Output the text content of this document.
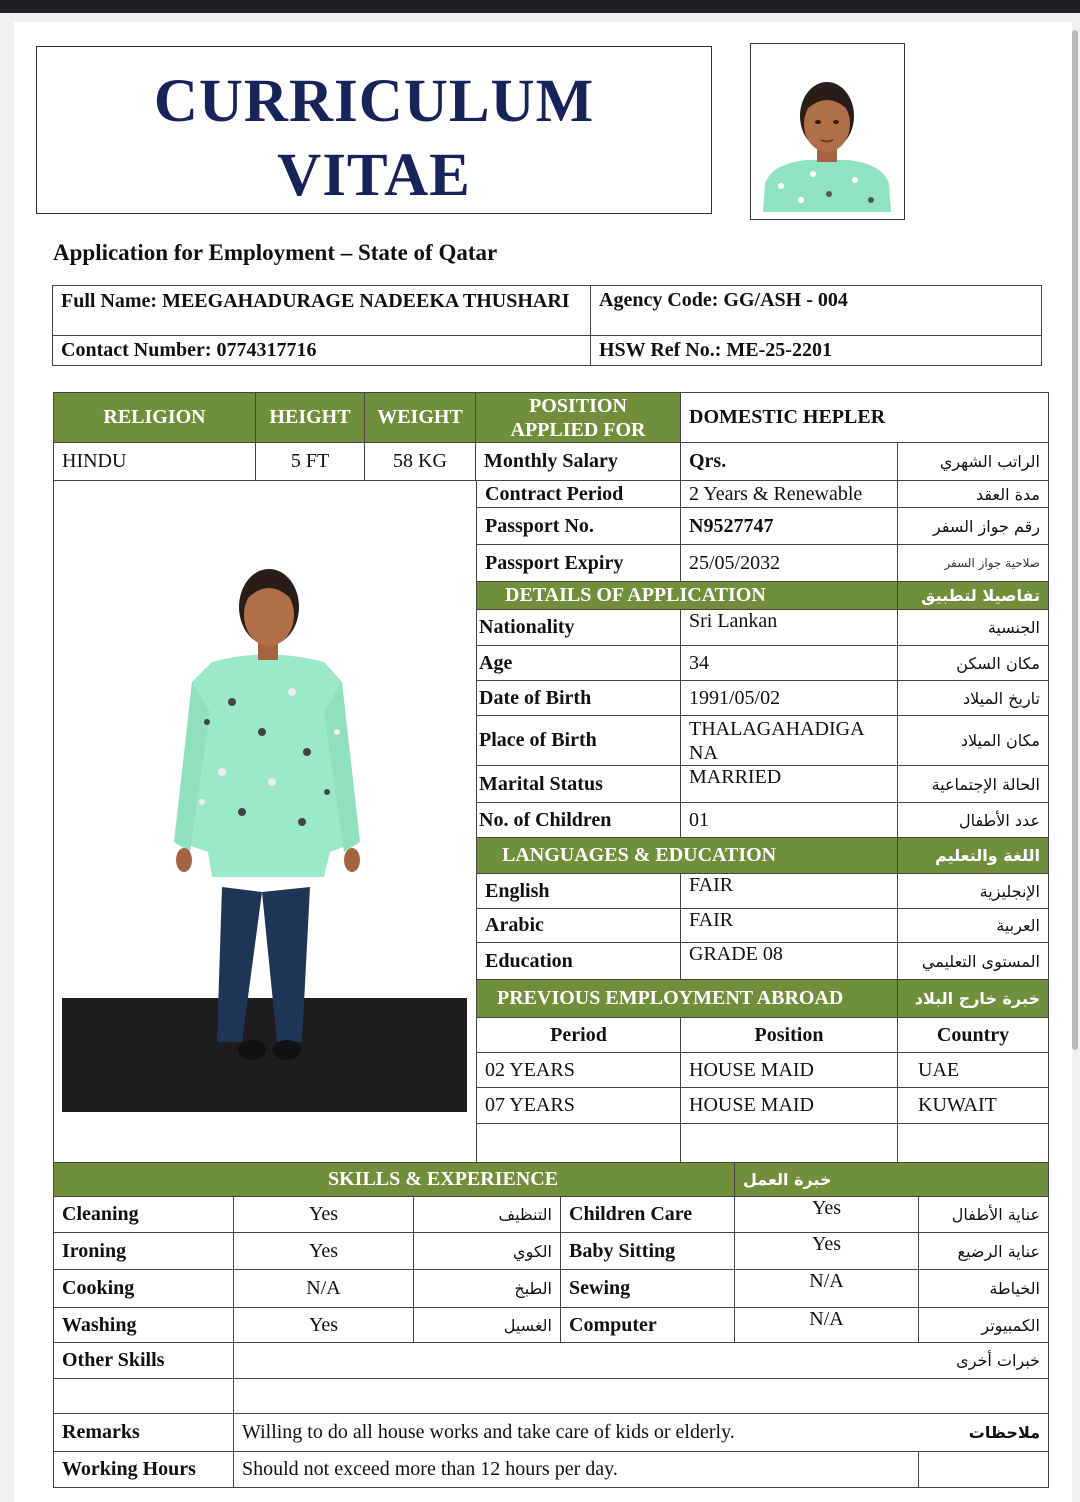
CURRICULUM
VITAE
Application for Employment – State of Qatar
Full Name: MEEGAHADURAGE NADEEKA THUSHARI	Agency Code: GG/ASH - 004
Contact Number: 0774317716	HSW Ref No.: ME-25-2201
RELIGION	HEIGHT	WEIGHT	POSITION APPLIED FOR	DOMESTIC HEPLER	
HINDU	5 FT	58 KG	Monthly Salary	Qrs.	الراتب الشهري
Contract Period	2 Years & Renewable	مدة العقد
Passport No.	N9527747	رقم جواز السفر
Passport Expiry	25/05/2032	صلاحية جواز السفر
DETAILS OF APPLICATION		تفاصيلا لتطبيق
Nationality	Sri Lankan	الجنسية
Age	34	مكان السكن
Date of Birth	1991/05/02	تاريخ الميلاد
Place of Birth	THALAGAHADIGA NA	مكان الميلاد
Marital Status	MARRIED	الحالة الإجتماعية
No. of Children	01	عدد الأطفال
LANGUAGES & EDUCATION		اللغة والتعليم
English	FAIR	الإنجليزية
Arabic	FAIR	العربية
Education	GRADE 08	المستوى التعليمي
PREVIOUS EMPLOYMENT ABROAD		خبرة خارج البلاد
Period	Position	Country
02 YEARS	HOUSE MAID	UAE
07 YEARS	HOUSE MAID	KUWAIT

SKILLS & EXPERIENCE				خبرة العمل	
Cleaning	Yes	التنظيف	Children Care	Yes	عناية الأطفال
Ironing	Yes	الكوي	Baby Sitting	Yes	عناية الرضيع
Cooking	N/A	الطبخ	Sewing	N/A	الخياطة
Washing	Yes	الغسيل	Computer	N/A	الكمبيوتر
Other Skills					خبرات أخرى

Remarks	Willing to do all house works and take care of kids or elderly.				ملاحظات
Working Hours	Should not exceed more than 12 hours per day.				
